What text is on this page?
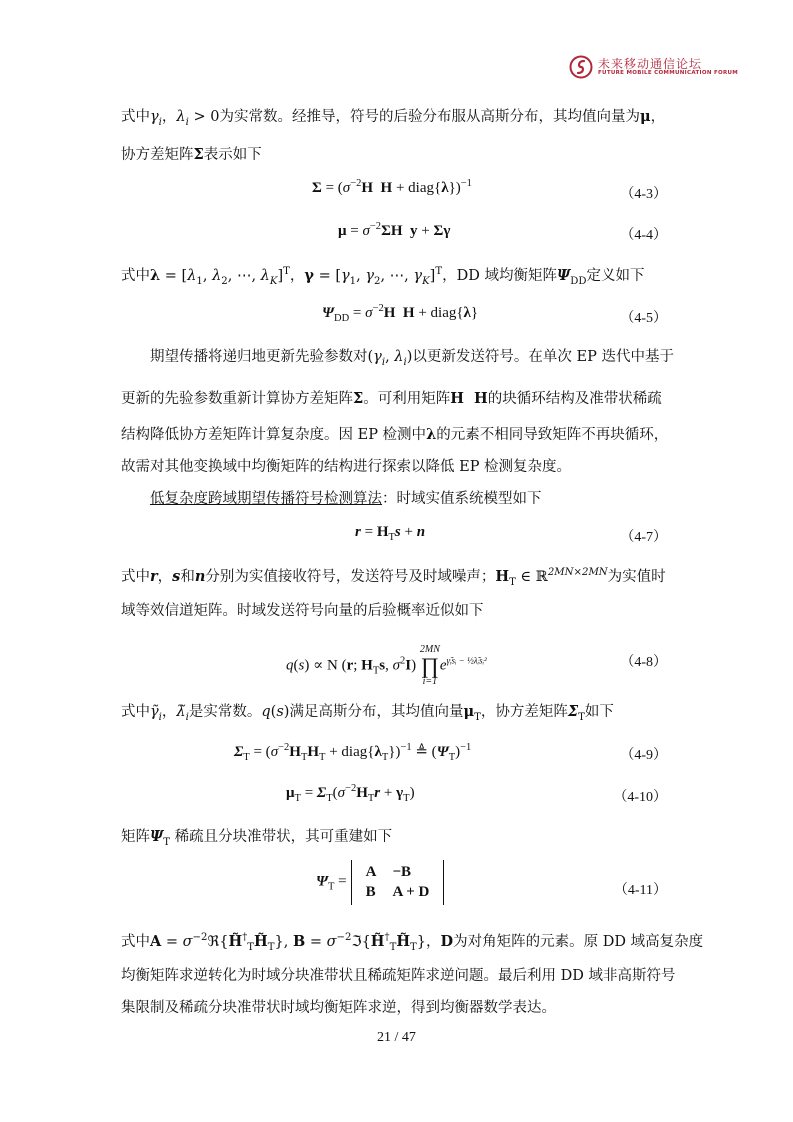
未来移动通信论坛
FUTURE MOBILE COMMUNICATION FORUM
式中$\gamma_i$，$\lambda_i > 0$为实常数。经推导，符号的后验分布服从高斯分布，其均值向量为μ，
协方差矩阵Σ表示如下
$\Sigma = (\sigma^{-2}H$  H + diag{λ})$^{-1}$
（4-3）
$\mu = \sigma^{-2}\Sigma H$  y + Σγ	（4-4）
式中$\lambda = [\lambda_1$, $\lambda_2$, ⋯, $\lambda_K]^T$，$\gamma = [\gamma_1$, $\gamma_2$, ⋯, $\gamma_K]^T$，DD 域均衡矩阵$\Psi_{DD}$定义如下
$\Psi_{DD} = \sigma^{-2}H$  H + diag{λ}	（4-5）
期望传播将递归地更新先验参数对($\gamma_i$, $\lambda_i$)以更新发送符号。在单次 EP 迭代中基于
更新的先验参数重新计算协方差矩阵Σ。可利用矩阵H  H的块循环结构及准带状稀疏
结构降低协方差矩阵计算复杂度。因 EP 检测中λ的元素不相同导致矩阵不再块循环，
故需对其他变换域中均衡矩阵的结构进行探索以降低 EP 检测复杂度。
低复杂度跨域期望传播符号检测算法：时域实值系统模型如下
$r = H_Ts + n$	（4-7）
式中r，s和n分别为实值接收符号，发送符号及时域噪声；$H_T$ ∈ ℝ$^{2MN\times 2MN}$为实值时
域等效信道矩阵。时域发送符号向量的后验概率近似如下
q(s) ∝ N (r; $H_Ts$, $\sigma^2I$)
2MN
∏
i=1
$e^{\gammãᵢsᵢ - \frac{1}{2}\lambdãᵢsᵢ^2}$	（4-8）
式中$\gammã_i$，$\lambdã_i$是实常数。q(s)满足高斯分布，其均值向量$\mu_T$，协方差矩阵$\Sigma_T$如下
$\Sigma_T = (\sigma^{-2}H_TH_T$ + $diag\{\lambda_T\})^{-1}$ ≜ $(\Psi_T)^{-1}$
（4-9）
$\mu_T = \Sigma_T(\sigma^{-2}H_Tr + \gamma_T)$	（4-10）
矩阵$\Psi_T$ 稀疏且分块准带状，其可重建如下
$\Psi_T$ =
A	−B
B	A + D	（4-11）
式中$A = \sigma^{-2}ℜ\{H̃^\dagger_TH̃_T\}$, $B = \sigma^{-2}ℑ\{H̃^\dagger_TH̃_T\}$，D为对角矩阵的元素。原 DD 域高复杂度
均衡矩阵求逆转化为时域分块准带状且稀疏矩阵求逆问题。最后利用 DD 域非高斯符号
集限制及稀疏分块准带状时域均衡矩阵求逆，得到均衡器数学表达。
21 / 47
